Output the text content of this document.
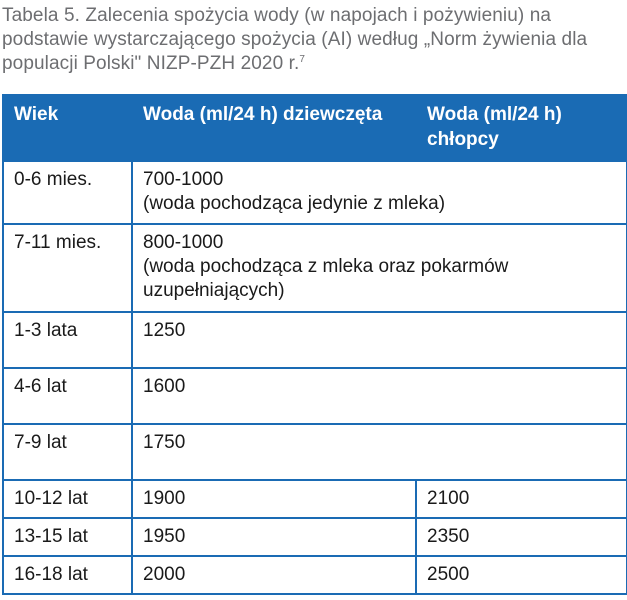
Tabela 5. Zalecenia spożycia wody (w napojach i pożywieniu) na podstawie wystarczającego spożycia (AI) według „Norm żywienia dla populacji Polski" NIZP-PZH 2020 r.$^7$
Wiek	Woda (ml/24 h) dziewczęta	Woda (ml/24 h) chłopcy
0-6 mies.	700-1000
(woda pochodząca jedynie z mleka)	

7-11 mies.	800-1000
(woda pochodząca z mleka oraz pokarmów uzupełniających)	

1-3 lata	1250	
4-6 lat	1600	
7-9 lat	1750	
10-12 lat	1900	2100
13-15 lat	1950	2350
16-18 lat	2000	2500
